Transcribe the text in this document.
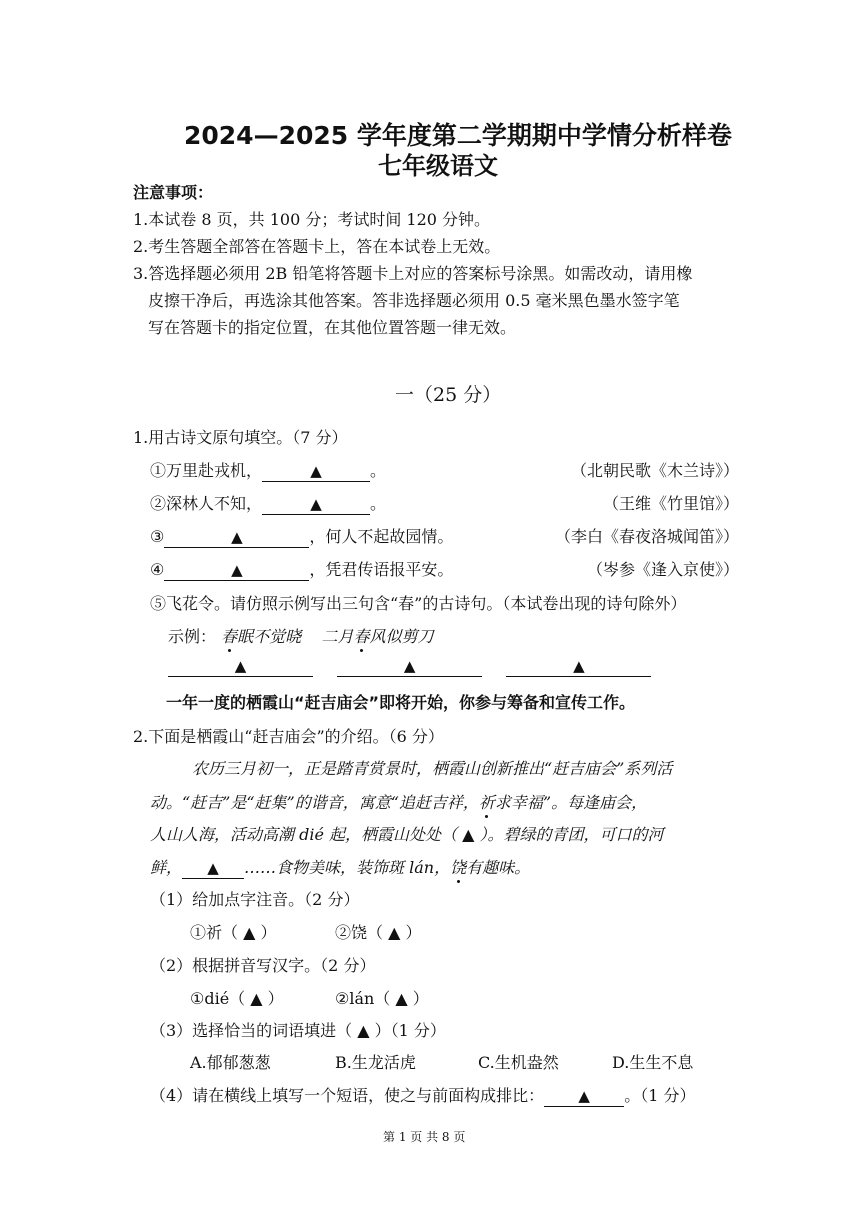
2024—2025 学年度第二学期期中学情分析样卷
七年级语文
注意事项：
1.本试卷 8 页，共 100 分；考试时间 120 分钟。
2.考生答题全部答在答题卡上，答在本试卷上无效。
3.答选择题必须用 2B 铅笔将答题卡上对应的答案标号涂黑。如需改动，请用橡
皮擦干净后，再选涂其他答案。答非选择题必须用 0.5 毫米黑色墨水签字笔
写在答题卡的指定位置，在其他位置答题一律无效。
一（25 分）
1.用古诗文原句填空。（7 分）
①万里赴戎机，	▲	。	（北朝民歌《木兰诗》）
②深林人不知，	▲	。	（王维《竹里馆》）
③	▲	，何人不起故园情。	（李白《春夜洛城闻笛》）
④	▲	，凭君传语报平安。	（岑参《逢入京使》）
⑤飞花令。请仿照示例写出三句含“春”的古诗句。（本试卷出现的诗句除外）
示例： 春眠不觉晓 二月春风似剪刀
▲	▲	▲
一年一度的栖霞山“赶吉庙会”即将开始，你参与筹备和宣传工作。
2.下面是栖霞山“赶吉庙会”的介绍。（6 分）
农历三月初一，正是踏青赏景时，栖霞山创新推出“赶吉庙会”系列活
动。“赶吉”是“赶集”的谐音，寓意“追赶吉祥，祈求幸福”。每逢庙会，
人山人海，活动高潮 dié 起，栖霞山处处（ ▲ ）。碧绿的青团，可口的河
鲜， ▲ ……食物美味，装饰斑 lán，饶有趣味。
（1）给加点字注音。（2 分）
①祈（ ▲ ）	②饶（ ▲ ）
（2）根据拼音写汉字。（2 分）
①dié（ ▲ ）	②lán（ ▲ ）
（3）选择恰当的词语填进（ ▲ ）（1 分）
A.郁郁葱葱	B.生龙活虎	C.生机盎然	D.生生不息
（4）请在横线上填写一个短语，使之与前面构成排比： ▲ 。（1 分）
第 1 页 共 8 页
